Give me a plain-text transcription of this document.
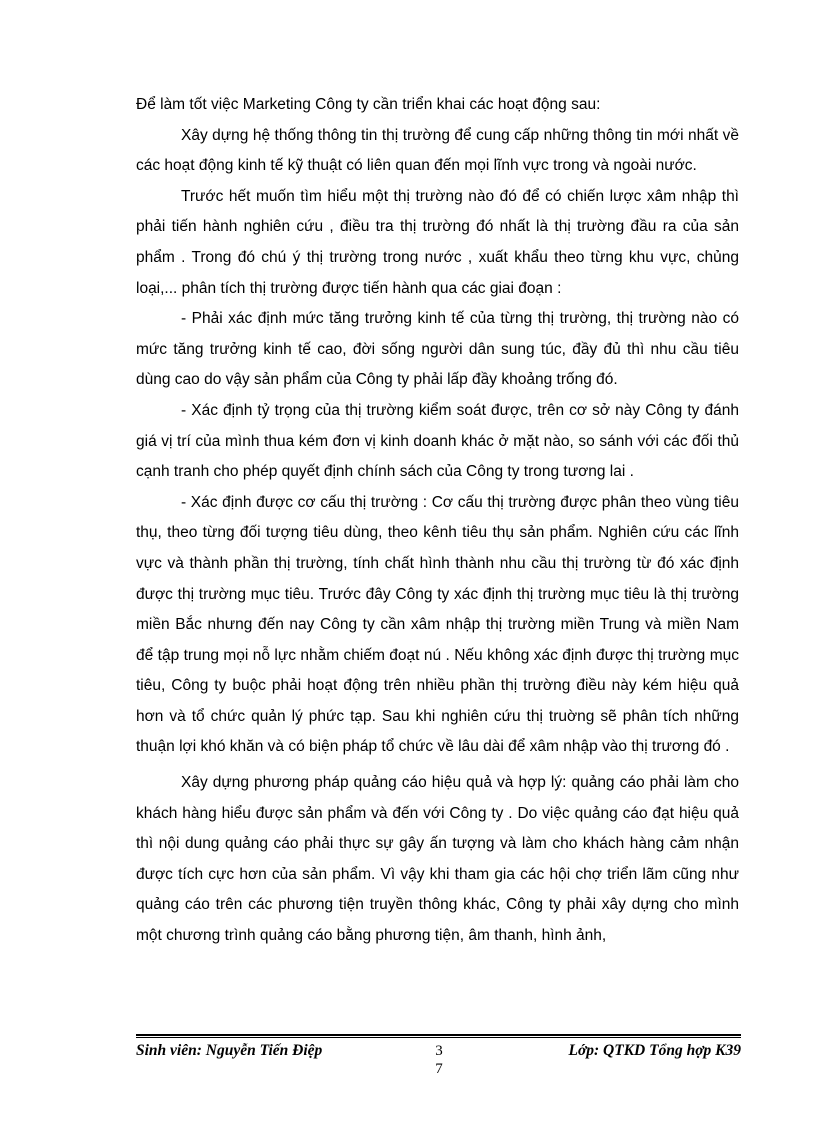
Để làm tốt việc Marketing Công ty cần triển khai các hoạt động sau:

Xây dựng hệ thống thông tin thị trường để cung cấp những thông tin mới nhất về các hoạt động kinh tế kỹ thuật có liên quan đến mọi lĩnh vực trong và ngoài nước.

Trước hết muốn tìm hiểu một thị trường nào đó để có chiến lược xâm nhập thì phải tiến hành nghiên cứu , điều tra thị trường đó nhất là thị trường đầu ra của sản phẩm . Trong đó chú ý thị trường trong nước , xuất khẩu theo từng khu vực, chủng loại,... phân tích thị trường được tiến hành qua các giai đoạn :

- Phải xác định mức tăng trưởng kinh tế của từng thị trường, thị trường nào có mức tăng trưởng kinh tế cao, đời sống người dân sung túc, đầy đủ thì nhu cầu tiêu dùng cao do vậy sản phẩm của Công ty phải lấp đầy khoảng trống đó.

- Xác định tỷ trọng của thị trường kiểm soát được, trên cơ sở này Công ty đánh giá vị trí của mình thua kém đơn vị kinh doanh khác ở mặt nào, so sánh với các đối thủ cạnh tranh cho phép quyết định chính sách của Công ty trong tương lai .

- Xác định được cơ cấu thị trường : Cơ cấu thị trường được phân theo vùng tiêu thụ, theo từng đối tượng tiêu dùng, theo kênh tiêu thụ sản phẩm. Nghiên cứu các lĩnh vực và thành phần thị trường, tính chất hình thành nhu cầu thị trường từ đó xác định được thị trường mục tiêu. Trước đây Công ty xác định thị trường mục tiêu là thị trường miền Bắc nhưng đến nay Công ty cần xâm nhập thị trường miền Trung và miền Nam để tập trung mọi nỗ lực nhằm chiếm đoạt nú . Nếu không xác định được thị trường mục tiêu, Công ty buộc phải hoạt động trên nhiều phần thị trường điều này kém hiệu quả hơn và tổ chức quản lý phức tạp. Sau khi nghiên cứu thị truờng sẽ phân tích những thuận lợi khó khăn và có biện pháp tổ chức về lâu dài để xâm nhập vào thị trương đó .

Xây dựng phương pháp quảng cáo hiệu quả và hợp lý: quảng cáo phải làm cho khách hàng hiểu được sản phẩm và đến với Công ty . Do việc quảng cáo đạt hiệu quả thì nội dung quảng cáo phải thực sự gây ấn tượng và làm cho khách hàng cảm nhận được tích cực hơn của sản phẩm. Vì vậy khi tham gia các hội chợ triển lãm cũng như quảng cáo trên các phương tiện truyền thông khác, Công ty phải xây dựng cho mình một chương trình quảng cáo bằng phương tiện, âm thanh, hình ảnh,

Sinh viên: Nguyễn Tiến Điệp	3
7
Lớp: QTKD Tổng hợp K39
